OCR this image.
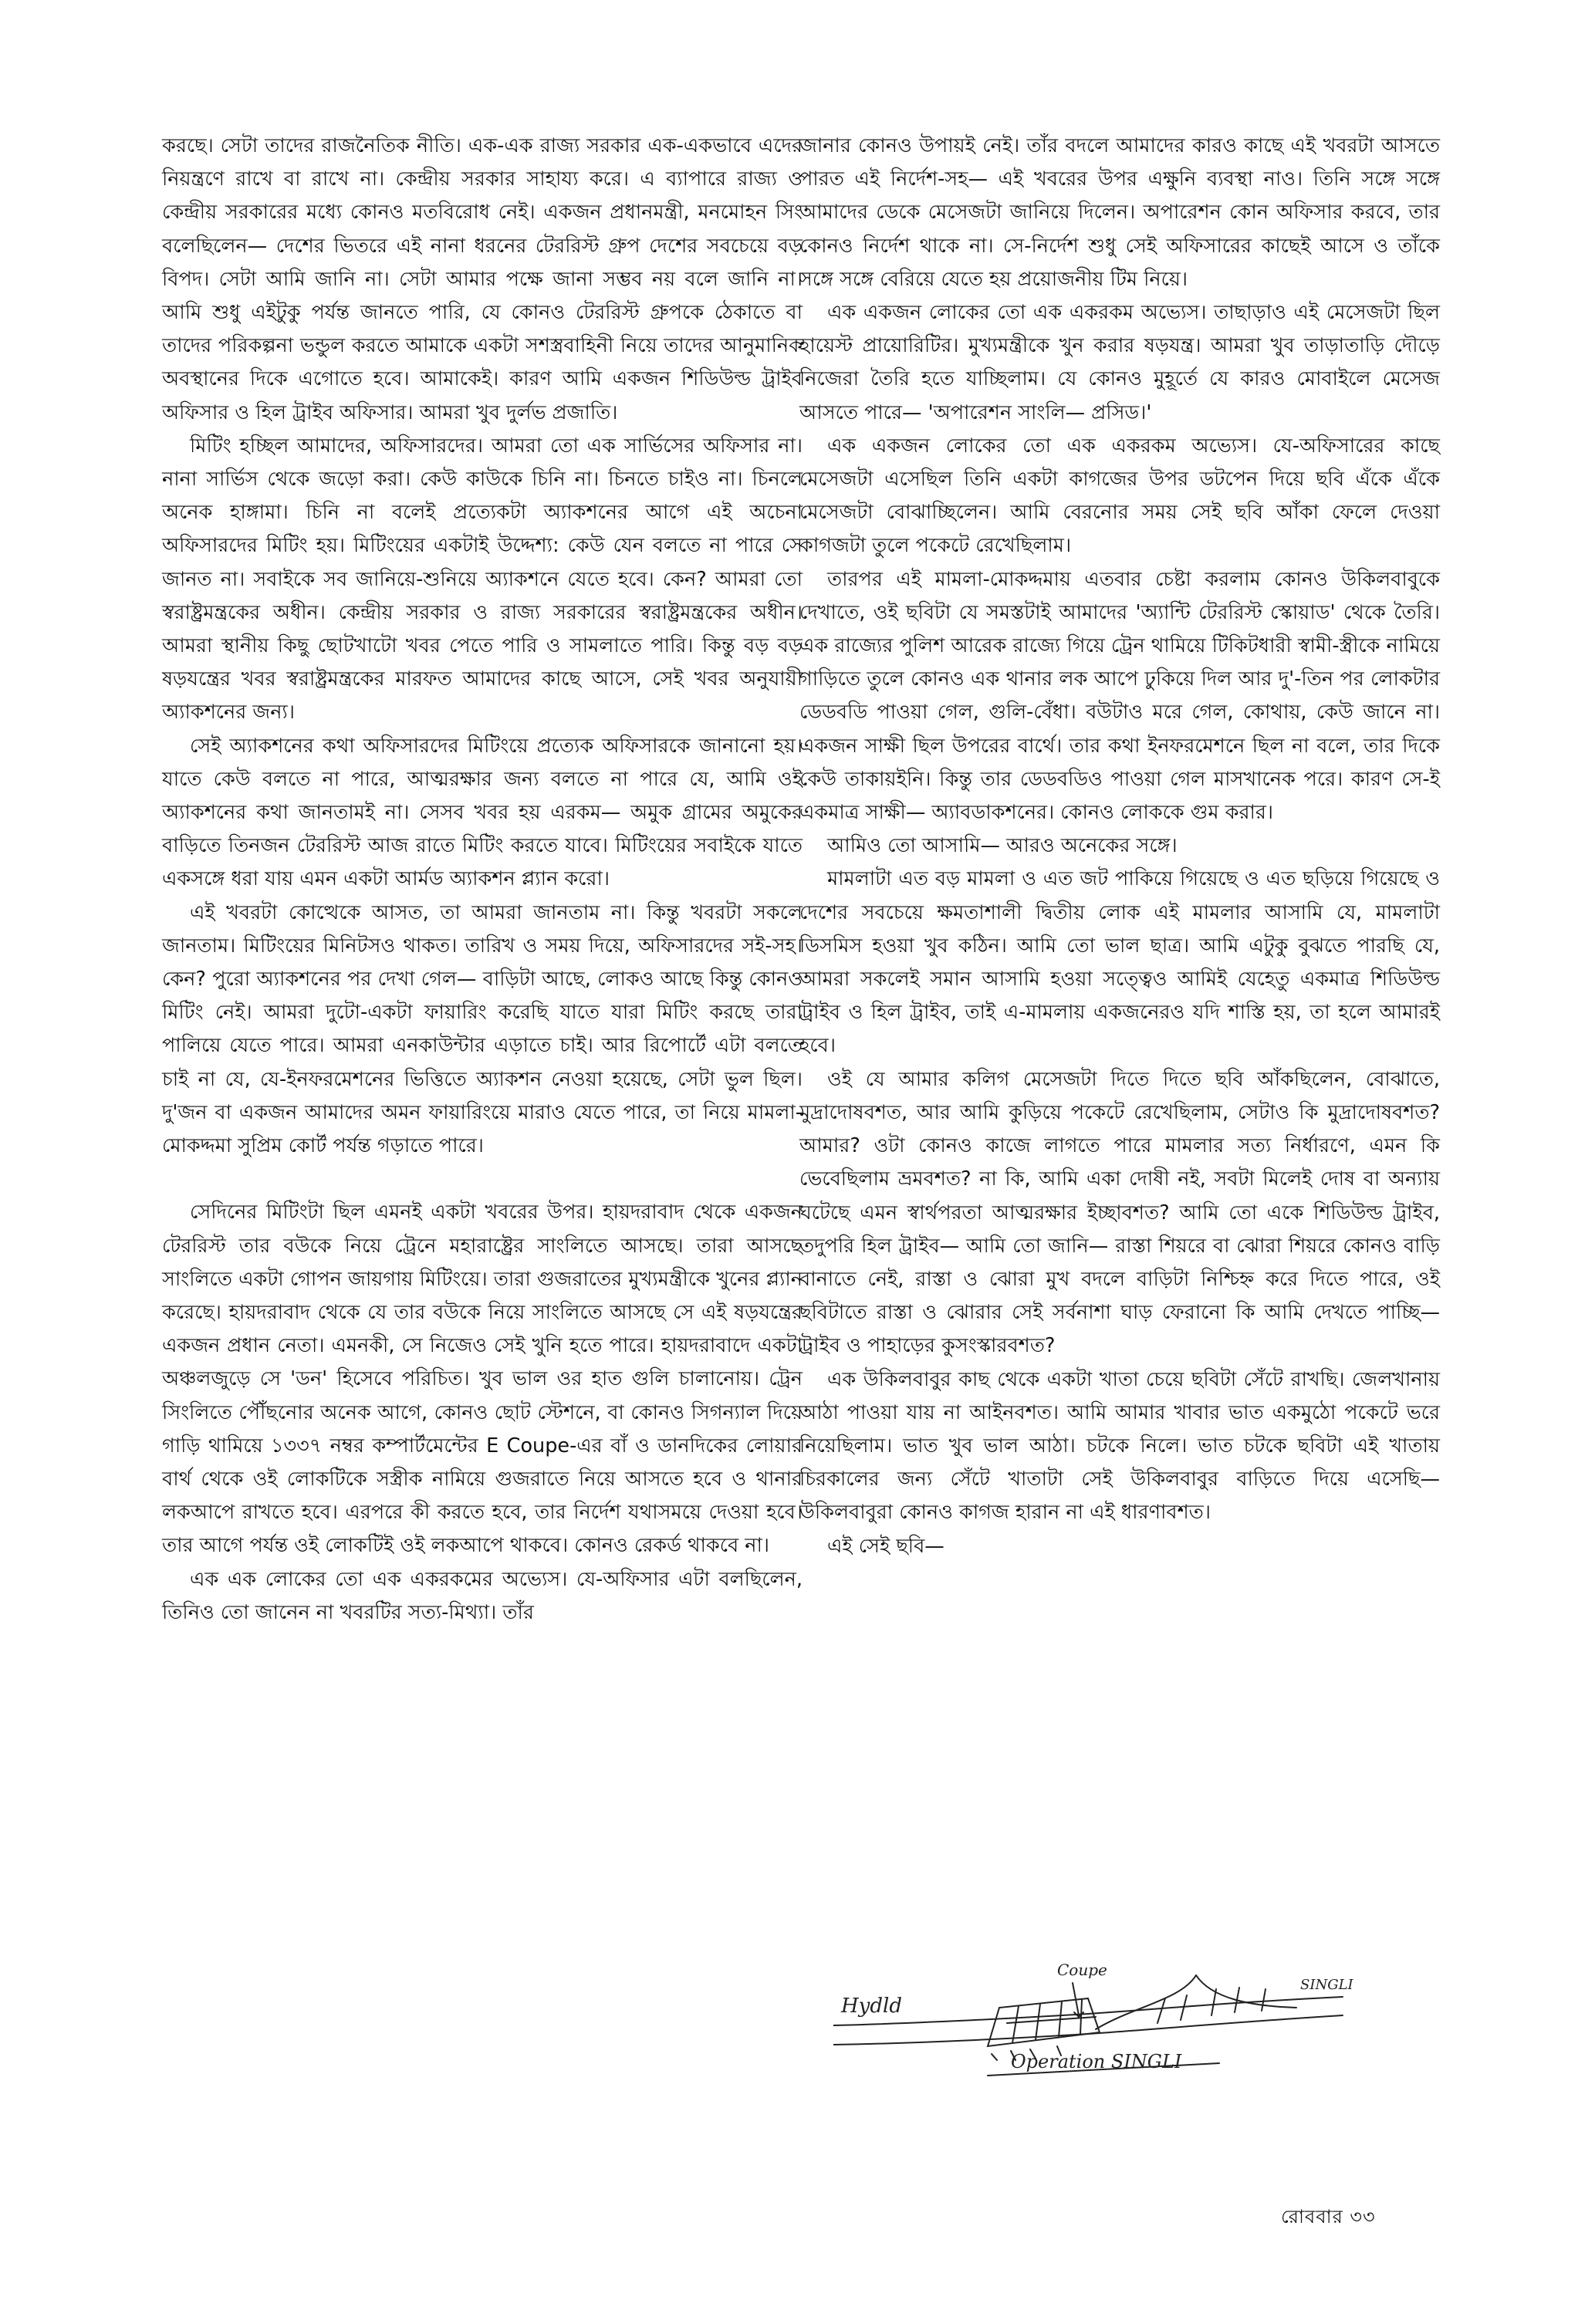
করছে। সেটা তাদের রাজনৈতিক নীতি। এক-এক রাজ্য সরকার এক-একভাবে এদের নিয়ন্ত্রণে রাখে বা রাখে না। কেন্দ্রীয় সরকার সাহায্য করে। এ ব্যাপারে রাজ্য ও কেন্দ্রীয় সরকারের মধ্যে কোনও মতবিরোধ নেই। একজন প্রধানমন্ত্রী, মনমোহন সিং বলেছিলেন— দেশের ভিতরে এই নানা ধরনের টেররিস্ট গ্রুপ দেশের সবচেয়ে বড় বিপদ। সেটা আমি জানি না। সেটা আমার পক্ষে জানা সম্ভব নয় বলে জানি না। আমি শুধু এইটুকু পর্যন্ত জানতে পারি, যে কোনও টেররিস্ট গ্রুপকে ঠেকাতে বা তাদের পরিকল্পনা ভন্ডুল করতে আমাকে একটা সশস্ত্রবাহিনী নিয়ে তাদের আনুমানিক অবস্থানের দিকে এগোতে হবে। আমাকেই। কারণ আমি একজন শিডিউল্ড ট্রাইব অফিসার ও হিল ট্রাইব অফিসার। আমরা খুব দুর্লভ প্রজাতি।

মিটিং হচ্ছিল আমাদের, অফিসারদের। আমরা তো এক সার্ভিসের অফিসার না। নানা সার্ভিস থেকে জড়ো করা। কেউ কাউকে চিনি না। চিনতে চাইও না। চিনলে অনেক হাঙ্গামা। চিনি না বলেই প্রত্যেকটা অ্যাকশনের আগে এই অচেনা অফিসারদের মিটিং হয়। মিটিংয়ের একটাই উদ্দেশ্য: কেউ যেন বলতে না পারে সে জানত না। সবাইকে সব জানিয়ে-শুনিয়ে অ্যাকশনে যেতে হবে। কেন? আমরা তো স্বরাষ্ট্রমন্ত্রকের অধীন। কেন্দ্রীয় সরকার ও রাজ্য সরকারের স্বরাষ্ট্রমন্ত্রকের অধীন। আমরা স্থানীয় কিছু ছোটখাটো খবর পেতে পারি ও সামলাতে পারি। কিন্তু বড় বড় ষড়যন্ত্রের খবর স্বরাষ্ট্রমন্ত্রকের মারফত আমাদের কাছে আসে, সেই খবর অনুযায়ী অ্যাকশনের জন্য।

সেই অ্যাকশনের কথা অফিসারদের মিটিংয়ে প্রত্যেক অফিসারকে জানানো হয়। যাতে কেউ বলতে না পারে, আত্মরক্ষার জন্য বলতে না পারে যে, আমি ওই অ্যাকশনের কথা জানতামই না। সেসব খবর হয় এরকম— অমুক গ্রামের অমুকের বাড়িতে তিনজন টেররিস্ট আজ রাতে মিটিং করতে যাবে। মিটিংয়ের সবাইকে যাতে একসঙ্গে ধরা যায় এমন একটা আর্মড অ্যাকশন প্ল্যান করো।

এই খবরটা কোত্থেকে আসত, তা আমরা জানতাম না। কিন্তু খবরটা সকলে জানতাম। মিটিংয়ের মিনিটসও থাকত। তারিখ ও সময় দিয়ে, অফিসারদের সই-সহ। কেন? পুরো অ্যাকশনের পর দেখা গেল— বাড়িটা আছে, লোকও আছে কিন্তু কোনও মিটিং নেই। আমরা দুটো-একটা ফায়ারিং করেছি যাতে যারা মিটিং করছে তারা পালিয়ে যেতে পারে। আমরা এনকাউন্টার এড়াতে চাই। আর রিপোর্টে এটা বলতে চাই না যে, যে-ইনফরমেশনের ভিত্তিতে অ্যাকশন নেওয়া হয়েছে, সেটা ভুল ছিল। দু'জন বা একজন আমাদের অমন ফায়ারিংয়ে মারাও যেতে পারে, তা নিয়ে মামলা-মোকদ্দমা সুপ্রিম কোর্ট পর্যন্ত গড়াতে পারে।

সেদিনের মিটিংটা ছিল এমনই একটা খবরের উপর। হায়দরাবাদ থেকে একজন টেররিস্ট তার বউকে নিয়ে ট্রেনে মহারাষ্ট্রের সাংলিতে আসছে। তারা আসছে সাংলিতে একটা গোপন জায়গায় মিটিংয়ে। তারা গুজরাতের মুখ্যমন্ত্রীকে খুনের প্ল্যান করেছে। হায়দরাবাদ থেকে যে তার বউকে নিয়ে সাংলিতে আসছে সে এই ষড়যন্ত্রের একজন প্রধান নেতা। এমনকী, সে নিজেও সেই খুনি হতে পারে। হায়দরাবাদে একটা অঞ্চলজুড়ে সে 'ডন' হিসেবে পরিচিত। খুব ভাল ওর হাত গুলি চালানোয়। ট্রেন সিংলিতে পৌঁছনোর অনেক আগে, কোনও ছোট স্টেশনে, বা কোনও সিগন্যাল দিয়ে গাড়ি থামিয়ে ১৩৩৭ নম্বর কম্পার্টমেন্টের E Coupe-এর বাঁ ও ডানদিকের লোয়ার বার্থ থেকে ওই লোকটিকে সস্ত্রীক নামিয়ে গুজরাতে নিয়ে আসতে হবে ও থানার লকআপে রাখতে হবে। এরপরে কী করতে হবে, তার নির্দেশ যথাসময়ে দেওয়া হবে। তার আগে পর্যন্ত ওই লোকটিই ওই লকআপে থাকবে। কোনও রেকর্ড থাকবে না।

এক এক লোকের তো এক একরকমের অভ্যেস। যে-অফিসার এটা বলছিলেন, তিনিও তো জানেন না খবরটির সত্য-মিথ্যা। তাঁর

জানার কোনও উপায়ই নেই। তাঁর বদলে আমাদের কারও কাছে এই খবরটা আসতে পারত এই নির্দেশ-সহ— এই খবরের উপর এক্ষুনি ব্যবস্থা নাও। তিনি সঙ্গে সঙ্গে আমাদের ডেকে মেসেজটা জানিয়ে দিলেন। অপারেশন কোন অফিসার করবে, তার কোনও নির্দেশ থাকে না। সে-নির্দেশ শুধু সেই অফিসারের কাছেই আসে ও তাঁকে সঙ্গে সঙ্গে বেরিয়ে যেতে হয় প্রয়োজনীয় টিম নিয়ে।

এক একজন লোকের তো এক একরকম অভ্যেস। তাছাড়াও এই মেসেজটা ছিল হায়েস্ট প্রায়োরিটির। মুখ্যমন্ত্রীকে খুন করার ষড়যন্ত্র। আমরা খুব তাড়াতাড়ি দৌড়ে নিজেরা তৈরি হতে যাচ্ছিলাম। যে কোনও মুহূর্তে যে কারও মোবাইলে মেসেজ আসতে পারে— 'অপারেশন সাংলি— প্রসিড।'

এক একজন লোকের তো এক একরকম অভ্যেস। যে-অফিসারের কাছে মেসেজটা এসেছিল তিনি একটা কাগজের উপর ডটপেন দিয়ে ছবি এঁকে এঁকে মেসেজটা বোঝাচ্ছিলেন। আমি বেরনোর সময় সেই ছবি আঁকা ফেলে দেওয়া কাগজটা তুলে পকেটে রেখেছিলাম।

তারপর এই মামলা-মোকদ্দমায় এতবার চেষ্টা করলাম কোনও উকিলবাবুকে দেখাতে, ওই ছবিটা যে সমস্তটাই আমাদের 'অ্যান্টি টেররিস্ট স্কোয়াড' থেকে তৈরি। এক রাজ্যের পুলিশ আরেক রাজ্যে গিয়ে ট্রেন থামিয়ে টিকিটধারী স্বামী-স্ত্রীকে নামিয়ে গাড়িতে তুলে কোনও এক থানার লক আপে ঢুকিয়ে দিল আর দু'-তিন পর লোকটার ডেডবডি পাওয়া গেল, গুলি-বেঁধা। বউটাও মরে গেল, কোথায়, কেউ জানে না। একজন সাক্ষী ছিল উপরের বার্থে। তার কথা ইনফরমেশনে ছিল না বলে, তার দিকে কেউ তাকায়ইনি। কিন্তু তার ডেডবডিও পাওয়া গেল মাসখানেক পরে। কারণ সে-ই একমাত্র সাক্ষী— অ্যাবডাকশনের। কোনও লোককে গুম করার।

আমিও তো আসামি— আরও অনেকের সঙ্গে।

মামলাটা এত বড় মামলা ও এত জট পাকিয়ে গিয়েছে ও এত ছড়িয়ে গিয়েছে ও দেশের সবচেয়ে ক্ষমতাশালী দ্বিতীয় লোক এই মামলার আসামি যে, মামলাটা ডিসমিস হওয়া খুব কঠিন। আমি তো ভাল ছাত্র। আমি এটুকু বুঝতে পারছি যে, আমরা সকলেই সমান আসামি হওয়া সত্ত্বেও আমিই যেহেতু একমাত্র শিডিউল্ড ট্রাইব ও হিল ট্রাইব, তাই এ-মামলায় একজনেরও যদি শাস্তি হয়, তা হলে আমারই হবে।

ওই যে আমার কলিগ মেসেজটা দিতে দিতে ছবি আঁকছিলেন, বোঝাতে, মুদ্রাদোষবশত, আর আমি কুড়িয়ে পকেটে রেখেছিলাম, সেটাও কি মুদ্রাদোষবশত? আমার? ওটা কোনও কাজে লাগতে পারে মামলার সত্য নির্ধারণে, এমন কি ভেবেছিলাম ভ্রমবশত? না কি, আমি একা দোষী নই, সবটা মিলেই দোষ বা অন্যায় ঘটেছে এমন স্বার্থপরতা আত্মরক্ষার ইচ্ছাবশত? আমি তো একে শিডিউল্ড ট্রাইব, তদুপরি হিল ট্রাইব— আমি তো জানি— রাস্তা শিয়রে বা ঝোরা শিয়রে কোনও বাড়ি বানাতে নেই, রাস্তা ও ঝোরা মুখ বদলে বাড়িটা নিশ্চিহ্ন করে দিতে পারে, ওই ছবিটাতে রাস্তা ও ঝোরার সেই সর্বনাশা ঘাড় ফেরানো কি আমি দেখতে পাচ্ছি— ট্রাইব ও পাহাড়ের কুসংস্কারবশত?

এক উকিলবাবুর কাছ থেকে একটা খাতা চেয়ে ছবিটা সেঁটে রাখছি। জেলখানায় আঠা পাওয়া যায় না আইনবশত। আমি আমার খাবার ভাত একমুঠো পকেটে ভরে নিয়েছিলাম। ভাত খুব ভাল আঠা। চটকে নিলে। ভাত চটকে ছবিটা এই খাতায় চিরকালের জন্য সেঁটে খাতাটা সেই উকিলবাবুর বাড়িতে দিয়ে এসেছি— উকিলবাবুরা কোনও কাগজ হারান না এই ধারণাবশত।

এই সেই ছবি—

Hydld
Coupe
SINGLI
Operation SINGLI
রোববার ৩৩
